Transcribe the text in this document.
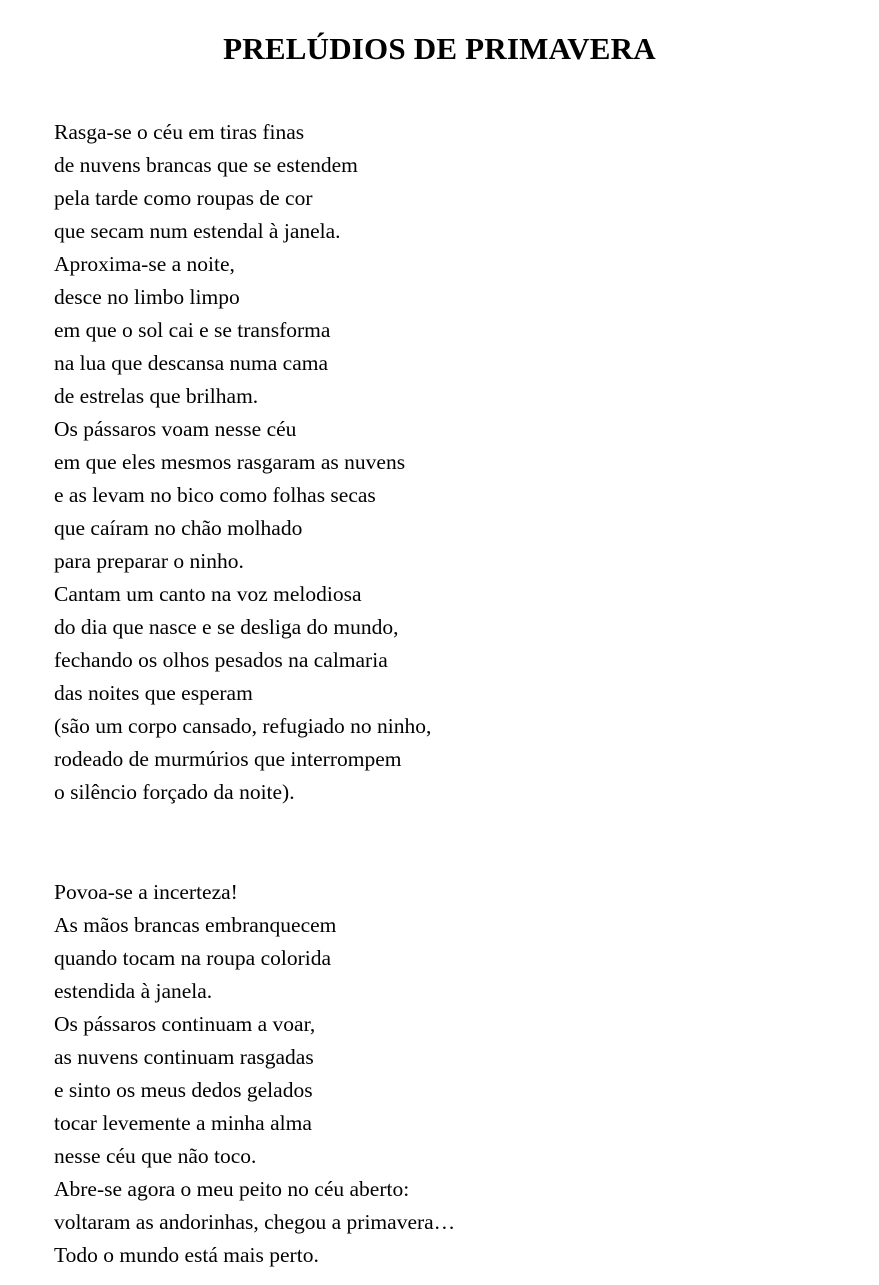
PRELÚDIOS DE PRIMAVERA
Rasga-se o céu em tiras finas
de nuvens brancas que se estendem
pela tarde como roupas de cor
que secam num estendal à janela.
Aproxima-se a noite,
desce no limbo limpo
em que o sol cai e se transforma
na lua que descansa numa cama
de estrelas que brilham.
Os pássaros voam nesse céu
em que eles mesmos rasgaram as nuvens
e as levam no bico como folhas secas
que caíram no chão molhado
para preparar o ninho.
Cantam um canto na voz melodiosa
do dia que nasce e se desliga do mundo,
fechando os olhos pesados na calmaria
das noites que esperam
(são um corpo cansado, refugiado no ninho,
rodeado de murmúrios que interrompem
o silêncio forçado da noite).
Povoa-se a incerteza!
As mãos brancas embranquecem
quando tocam na roupa colorida
estendida à janela.
Os pássaros continuam a voar,
as nuvens continuam rasgadas
e sinto os meus dedos gelados
tocar levemente a minha alma
nesse céu que não toco.
Abre-se agora o meu peito no céu aberto:
voltaram as andorinhas, chegou a primavera…
Todo o mundo está mais perto.
